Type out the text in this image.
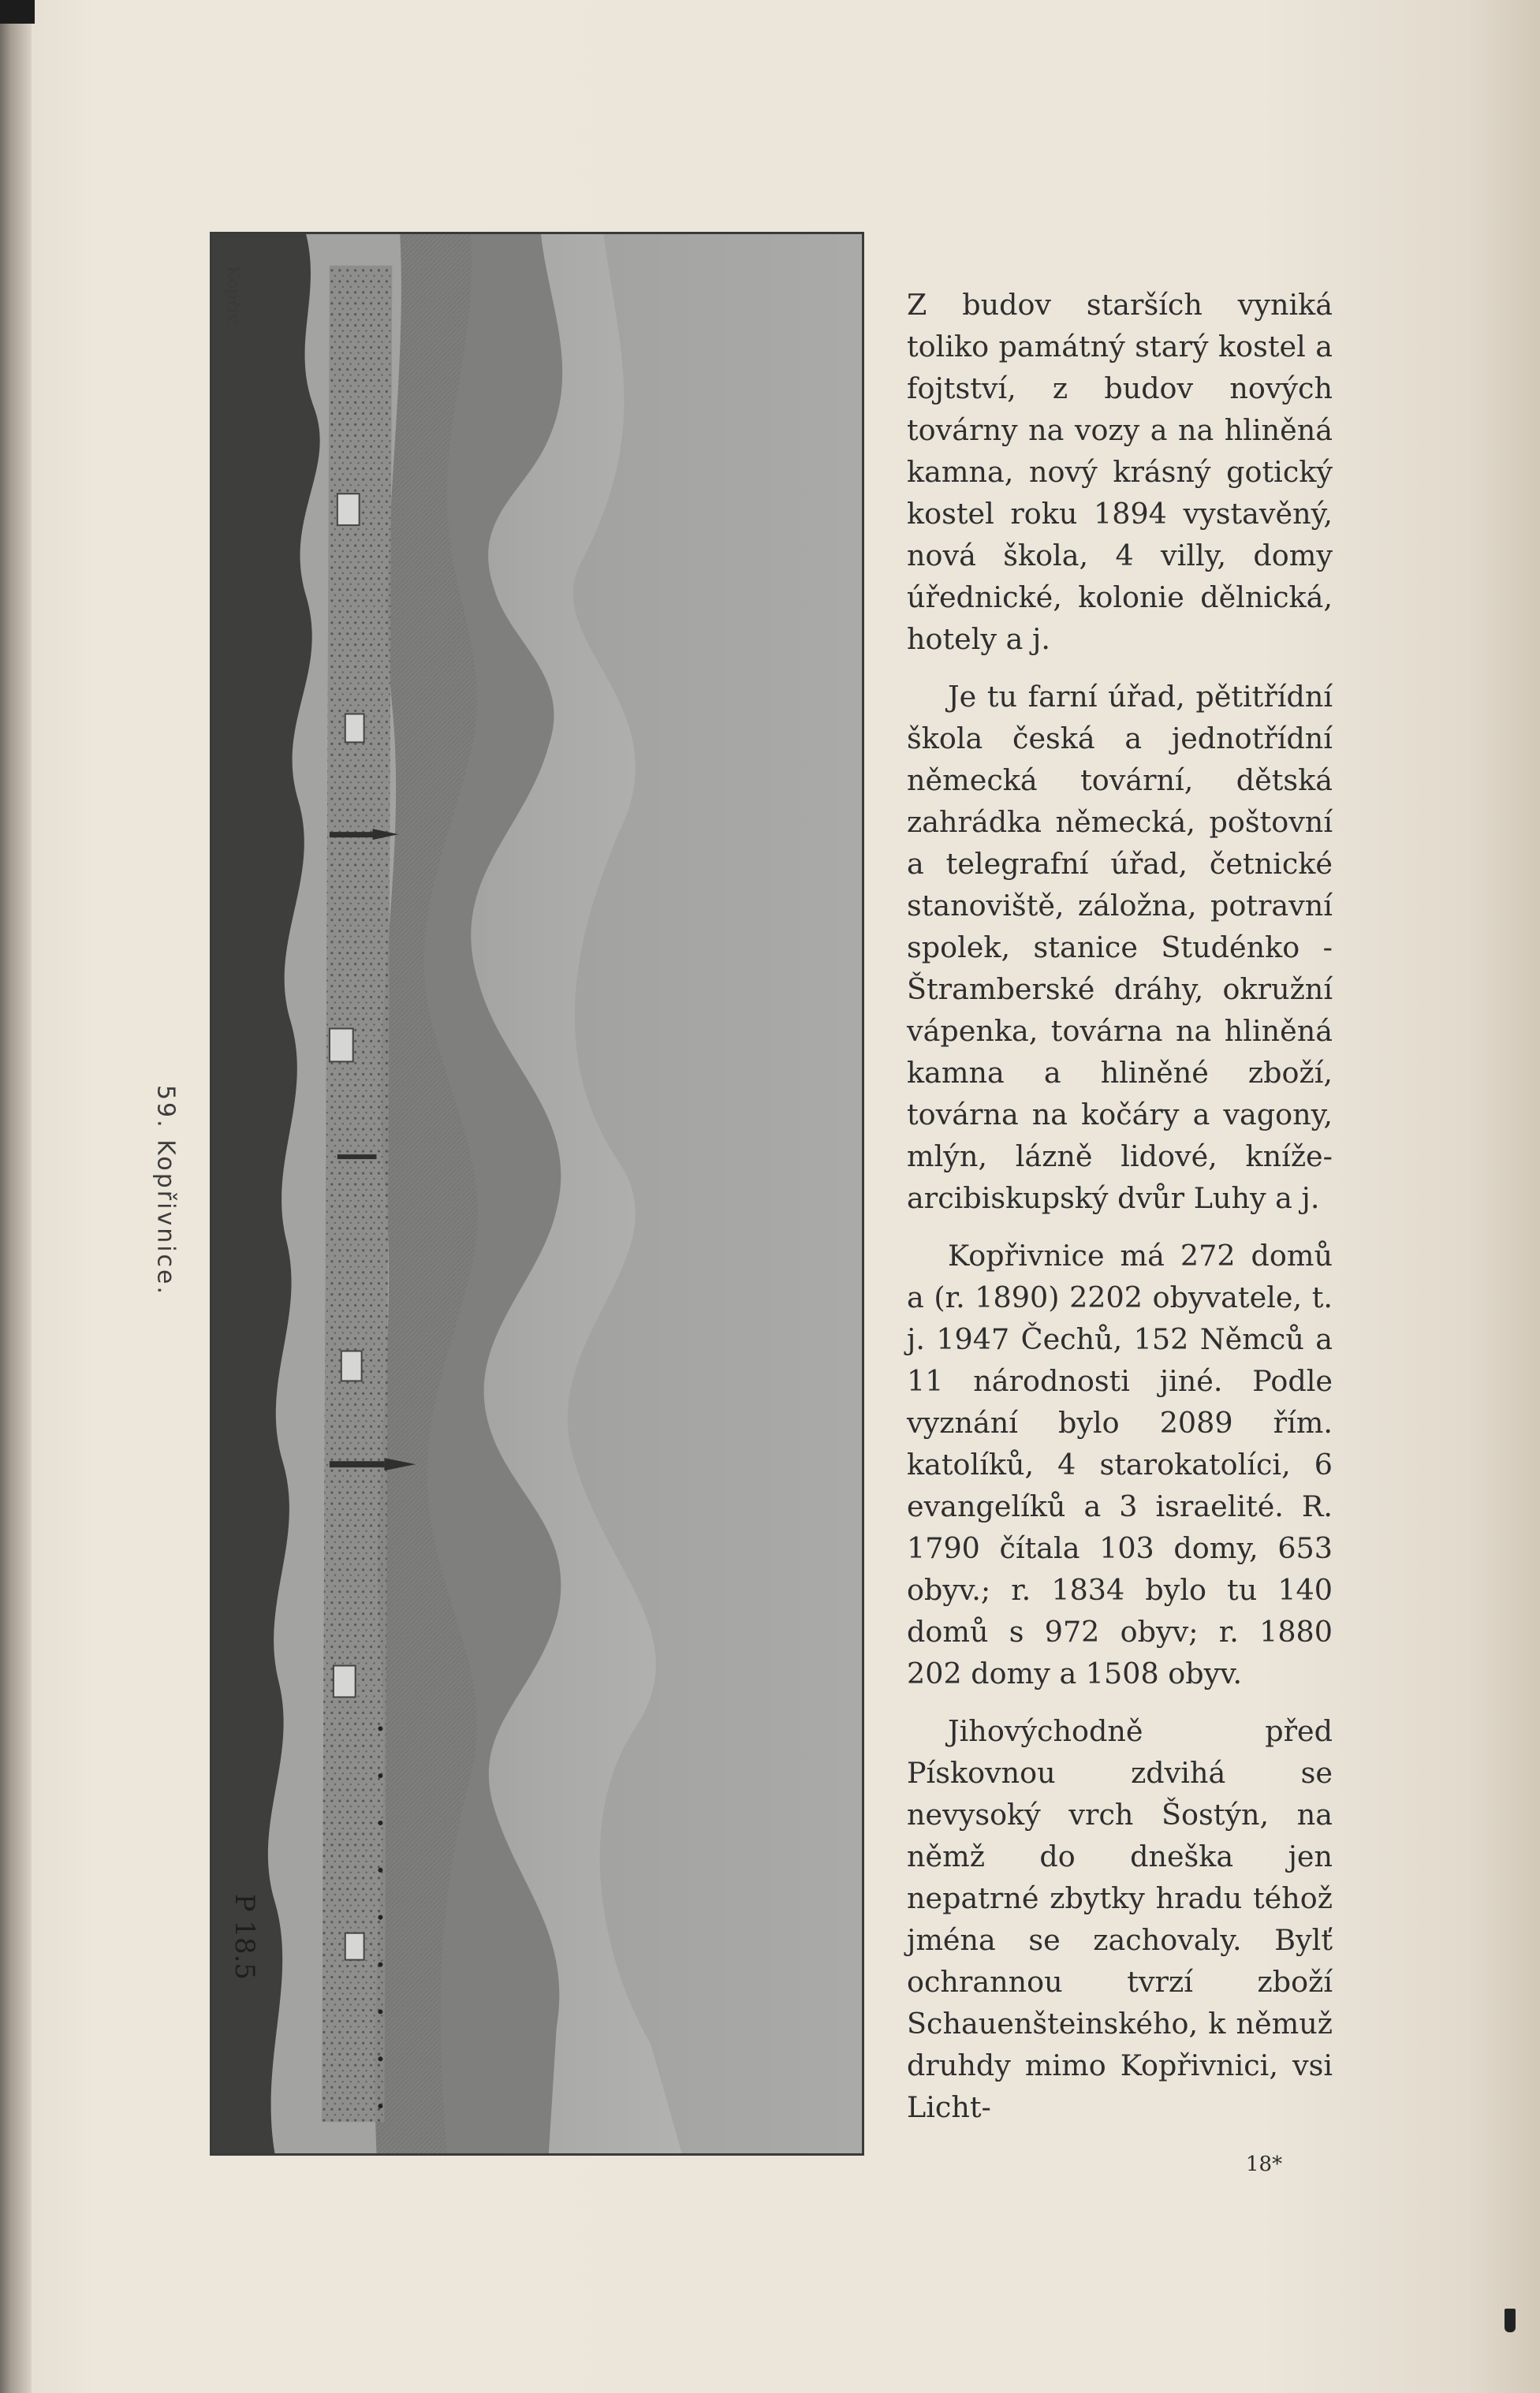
P 18.5
Kopřiv.
59. Kopřivnice.

Z budov starších vyniká toliko památný starý kostel a fojtství, z budov nových továrny na vozy a na hliněná kamna, nový krásný gotický kostel roku 1894 vystavěný, nová škola, 4 villy, domy úřednické, kolonie dělnická, hotely a j.

Je tu farní úřad, pětitřídní škola česká a jednotřídní německá tovární, dětská zahrádka německá, poštovní a telegrafní úřad, četnické stanoviště, záložna, potravní spolek, stanice Studénko - Štramberské dráhy, okružní vápenka, továrna na hliněná kamna a hliněné zboží, továrna na kočáry a vagony, mlýn, lázně lidové, kníže-arcibiskupský dvůr Luhy a j.

Kopřivnice má 272 domů a (r. 1890) 2202 obyvatele, t. j. 1947 Čechů, 152 Němců a 11 národnosti jiné. Podle vyznání bylo 2089 řím. katolíků, 4 starokatolíci, 6 evangelíků a 3 israelité. R. 1790 čítala 103 domy, 653 obyv.; r. 1834 bylo tu 140 domů s 972 obyv; r. 1880 202 domy a 1508 obyv.

Jihovýchodně před Pískovnou zdvihá se nevysoký vrch Šostýn, na němž do dneška jen nepatrné zbytky hradu téhož jména se zachovaly. Bylť ochrannou tvrzí zboží Schauenšteinského, k němuž druhdy mimo Kopřivnici, vsi Licht-

18*
